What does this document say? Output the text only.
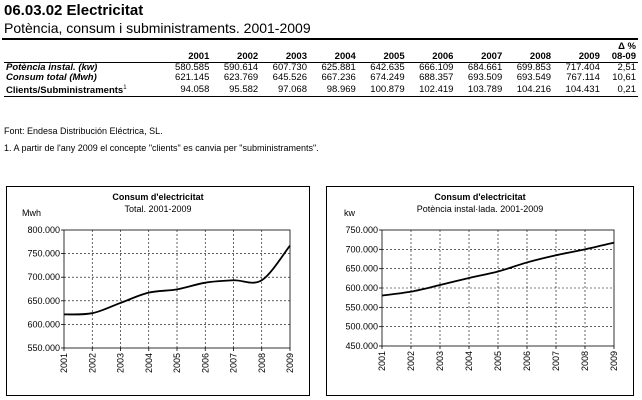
06.03.02 Electricitat
Potència, consum i subministraments. 2001-2009
										Δ %
	2001	2002	2003	2004	2005	2006	2007	2008	2009	08-09
Potència instal. (kw)	580.585	590.614	607.730	625.881	642.635	666.109	684.661	699.853	717.404	2,51
Consum total (Mwh)	621.145	623.769	645.526	667.236	674.249	688.357	693.509	693.549	767.114	10,61
Clients/Subministraments$^1$	94.058	95.582	97.068	98.969	100.879	102.419	103.789	104.216	104.431	0,21
Font: Endesa Distribución Eléctrica, SL.
1. A partir de l'any 2009 el concepte "clients" es canvia per "subministraments".
Consum d'electricitat
Total. 2001-2009
Mwh
550.000
600.000
650.000
700.000
750.000
800.000
2001 2002 2003 2004 2005 2006 2007 2008 2009
Consum d'electricitat
Potència instal·lada. 2001-2009
kw
450.000
500.000
550.000
600.000
650.000
700.000
750.000
2001 2002 2003 2004 2005 2006 2007 2008 2009
